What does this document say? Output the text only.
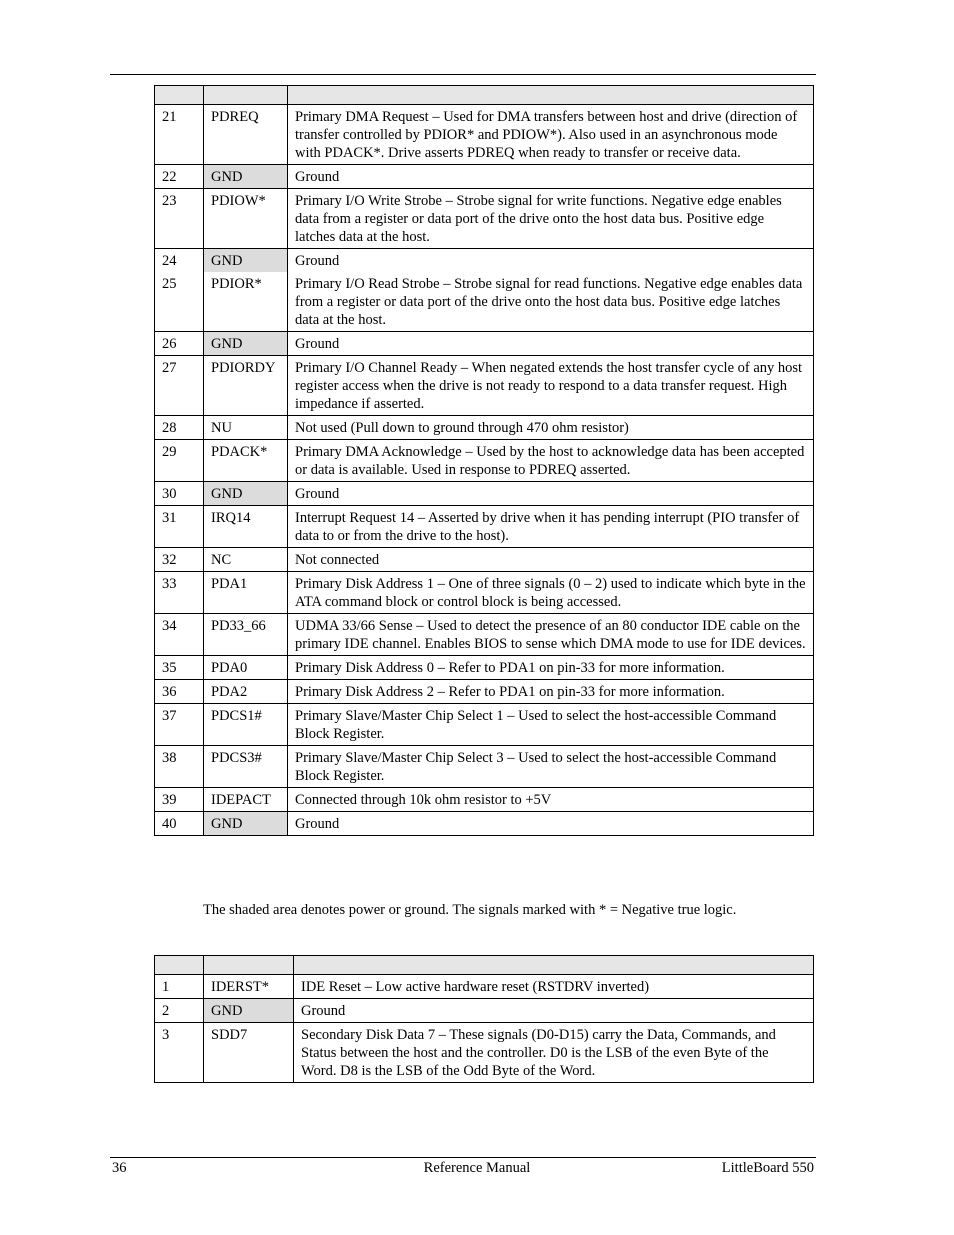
21	PDREQ	Primary DMA Request – Used for DMA transfers between host and drive (direction of transfer controlled by PDIOR* and PDIOW*). Also used in an asynchronous mode with PDACK*. Drive asserts PDREQ when ready to transfer or receive data.
22	GND	Ground
23	PDIOW*	Primary I/O Write Strobe – Strobe signal for write functions. Negative edge enables data from a register or data port of the drive onto the host data bus. Positive edge latches data at the host.
24	GND	Ground
25	PDIOR*	Primary I/O Read Strobe – Strobe signal for read functions. Negative edge enables data from a register or data port of the drive onto the host data bus. Positive edge latches data at the host.
26	GND	Ground
27	PDIORDY	Primary I/O Channel Ready – When negated extends the host transfer cycle of any host register access when the drive is not ready to respond to a data transfer request. High impedance if asserted.
28	NU	Not used (Pull down to ground through 470 ohm resistor)
29	PDACK*	Primary DMA Acknowledge – Used by the host to acknowledge data has been accepted or data is available. Used in response to PDREQ asserted.
30	GND	Ground
31	IRQ14	Interrupt Request 14 – Asserted by drive when it has pending interrupt (PIO transfer of data to or from the drive to the host).
32	NC	Not connected
33	PDA1	Primary Disk Address 1 – One of three signals (0 – 2) used to indicate which byte in the ATA command block or control block is being accessed.
34	PD33_66	UDMA 33/66 Sense – Used to detect the presence of an 80 conductor IDE cable on the primary IDE channel. Enables BIOS to sense which DMA mode to use for IDE devices.
35	PDA0	Primary Disk Address 0 – Refer to PDA1 on pin-33 for more information.
36	PDA2	Primary Disk Address 2 – Refer to PDA1 on pin-33 for more information.
37	PDCS1#	Primary Slave/Master Chip Select 1 – Used to select the host-accessible Command Block Register.
38	PDCS3#	Primary Slave/Master Chip Select 3 – Used to select the host-accessible Command Block Register.
39	IDEPACT	Connected through 10k ohm resistor to +5V
40	GND	Ground
The shaded area denotes power or ground. The signals marked with * = Negative true logic.

1	IDERST*	IDE Reset – Low active hardware reset (RSTDRV inverted)
2	GND	Ground
3	SDD7	Secondary Disk Data 7 – These signals (D0-D15) carry the Data, Commands, and Status between the host and the controller. D0 is the LSB of the even Byte of the Word. D8 is the LSB of the Odd Byte of the Word.
36	Reference Manual	LittleBoard 550
